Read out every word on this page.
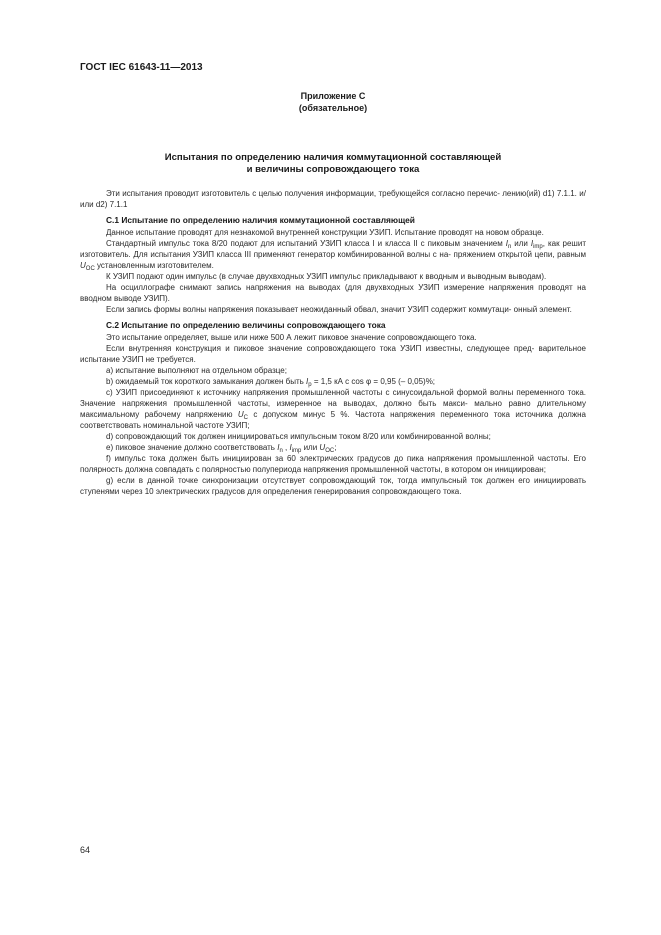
ГОСТ IEC 61643-11—2013
Приложение С
(обязательное)
Испытания по определению наличия коммутационной составляющей
и величины сопровождающего тока

Эти испытания проводит изготовитель с целью получения информации, требующейся согласно перечис- лению(ий) d1) 7.1.1. и/или d2) 7.1.1

С.1 Испытание по определению наличия коммутационной составляющей

Данное испытание проводят для незнакомой внутренней конструкции УЗИП. Испытание проводят на новом образце.

Стандартный импульс тока 8/20 подают для испытаний УЗИП класса I и класса II с пиковым значением $I_n$ или $I_{imp}$, как решит изготовитель. Для испытания УЗИП класса III применяют генератор комбинированной волны с на- пряжением открытой цепи, равным $U_{OC}$ установленным изготовителем.

К УЗИП подают один импульс (в случае двухвходных УЗИП импульс прикладывают к вводным и выводным выводам).

На осциллографе снимают запись напряжения на выводах (для двухвходных УЗИП измерение напряжения проводят на вводном выводе УЗИП).

Если запись формы волны напряжения показывает неожиданный обвал, значит УЗИП содержит коммутаци- онный элемент.

С.2 Испытание по определению величины сопровождающего тока

Это испытание определяет, выше или ниже 500 А лежит пиковое значение сопровождающего тока.

Если внутренняя конструкция и пиковое значение сопровождающего тока УЗИП известны, следующее пред- варительное испытание УЗИП не требуется.

a) испытание выполняют на отдельном образце;

b) ожидаемый ток короткого замыкания должен быть $I_p = 1,5$ кА с cos φ = 0,95 (– 0,05)%;

c) УЗИП присоединяют к источнику напряжения промышленной частоты с синусоидальной формой волны переменного тока. Значение напряжения промышленной частоты, измеренное на выводах, должно быть макси- мально равно длительному максимальному рабочему напряжению $U_C$ с допуском минус 5 %. Частота напряжения переменного тока источника должна соответствовать номинальной частоте УЗИП;

d) сопровождающий ток должен инициироваться импульсным током 8/20 или комбинированной волны;

e) пиковое значение должно соответствовать $I_n$ , $I_{imp}$ или $U_{OC}$;

f) импульс тока должен быть инициирован за 60 электрических градусов до пика напряжения промышленной частоты. Его полярность должна совпадать с полярностью полупериода напряжения промышленной частоты, в котором он инициирован;

g) если в данной точке синхронизации отсутствует сопровождающий ток, тогда импульсный ток должен его инициировать ступенями через 10 электрических градусов для определения генерирования сопровождающего тока.

64
